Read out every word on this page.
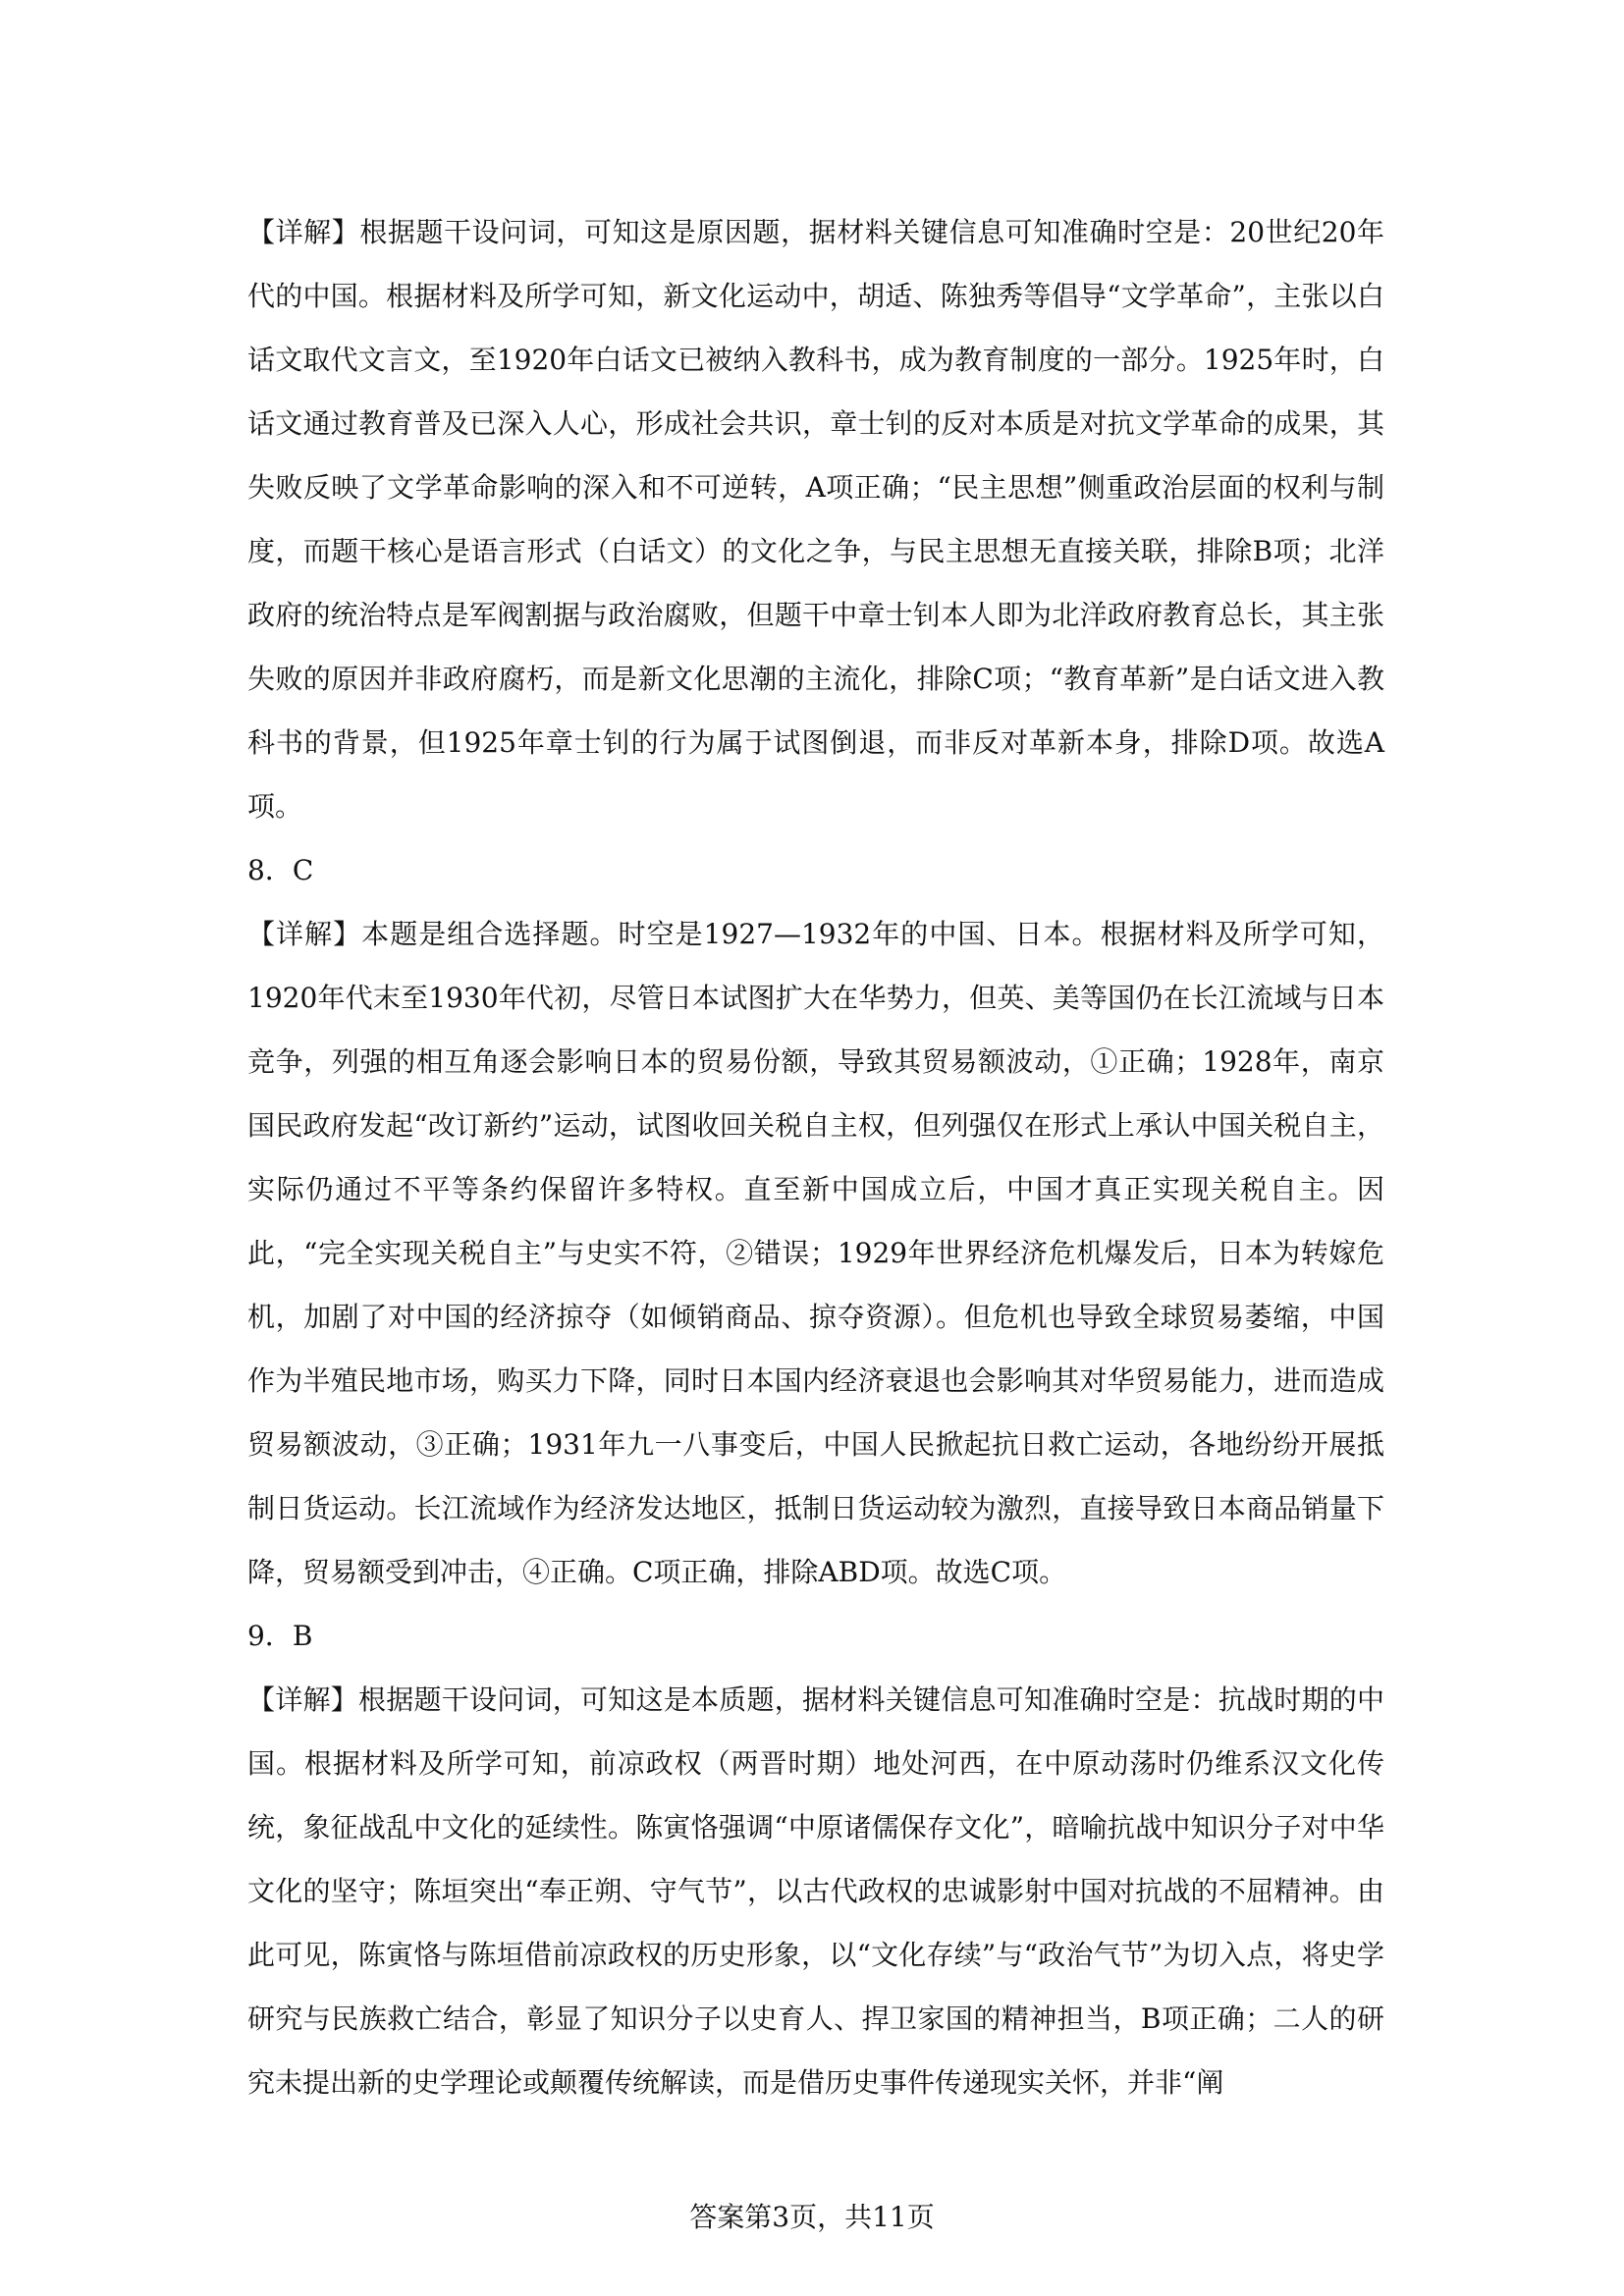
【详解】根据题干设问词，可知这是原因题，据材料关键信息可知准确时空是：20世纪20年代的中国。根据材料及所学可知，新文化运动中，胡适、陈独秀等倡导“文学革命”，主张以白话文取代文言文，至1920年白话文已被纳入教科书，成为教育制度的一部分。1925年时，白话文通过教育普及已深入人心，形成社会共识，章士钊的反对本质是对抗文学革命的成果，其失败反映了文学革命影响的深入和不可逆转，A项正确；“民主思想”侧重政治层面的权利与制度，而题干核心是语言形式（白话文）的文化之争，与民主思想无直接关联，排除B项；北洋政府的统治特点是军阀割据与政治腐败，但题干中章士钊本人即为北洋政府教育总长，其主张失败的原因并非政府腐朽，而是新文化思潮的主流化，排除C项；“教育革新”是白话文进入教科书的背景，但1925年章士钊的行为属于试图倒退，而非反对革新本身，排除D项。故选A项。

8．C

【详解】本题是组合选择题。时空是1927—1932年的中国、日本。根据材料及所学可知，1920年代末至1930年代初，尽管日本试图扩大在华势力，但英、美等国仍在长江流域与日本竞争，列强的相互角逐会影响日本的贸易份额，导致其贸易额波动，①正确；1928年，南京国民政府发起“改订新约”运动，试图收回关税自主权，但列强仅在形式上承认中国关税自主，实际仍通过不平等条约保留许多特权。直至新中国成立后，中国才真正实现关税自主。因此，“完全实现关税自主”与史实不符，②错误；1929年世界经济危机爆发后，日本为转嫁危机，加剧了对中国的经济掠夺（如倾销商品、掠夺资源）。但危机也导致全球贸易萎缩，中国作为半殖民地市场，购买力下降，同时日本国内经济衰退也会影响其对华贸易能力，进而造成贸易额波动，③正确；1931年九一八事变后，中国人民掀起抗日救亡运动，各地纷纷开展抵制日货运动。长江流域作为经济发达地区，抵制日货运动较为激烈，直接导致日本商品销量下降，贸易额受到冲击，④正确。C项正确，排除ABD项。故选C项。

9．B

【详解】根据题干设问词，可知这是本质题，据材料关键信息可知准确时空是：抗战时期的中国。根据材料及所学可知，前凉政权（两晋时期）地处河西，在中原动荡时仍维系汉文化传统，象征战乱中文化的延续性。陈寅恪强调“中原诸儒保存文化”，暗喻抗战中知识分子对中华文化的坚守；陈垣突出“奉正朔、守气节”，以古代政权的忠诚影射中国对抗战的不屈精神。由此可见，陈寅恪与陈垣借前凉政权的历史形象，以“文化存续”与“政治气节”为切入点，将史学研究与民族救亡结合，彰显了知识分子以史育人、捍卫家国的精神担当，B项正确；二人的研究未提出新的史学理论或颠覆传统解读，而是借历史事件传递现实关怀，并非“阐

答案第3页，共11页
